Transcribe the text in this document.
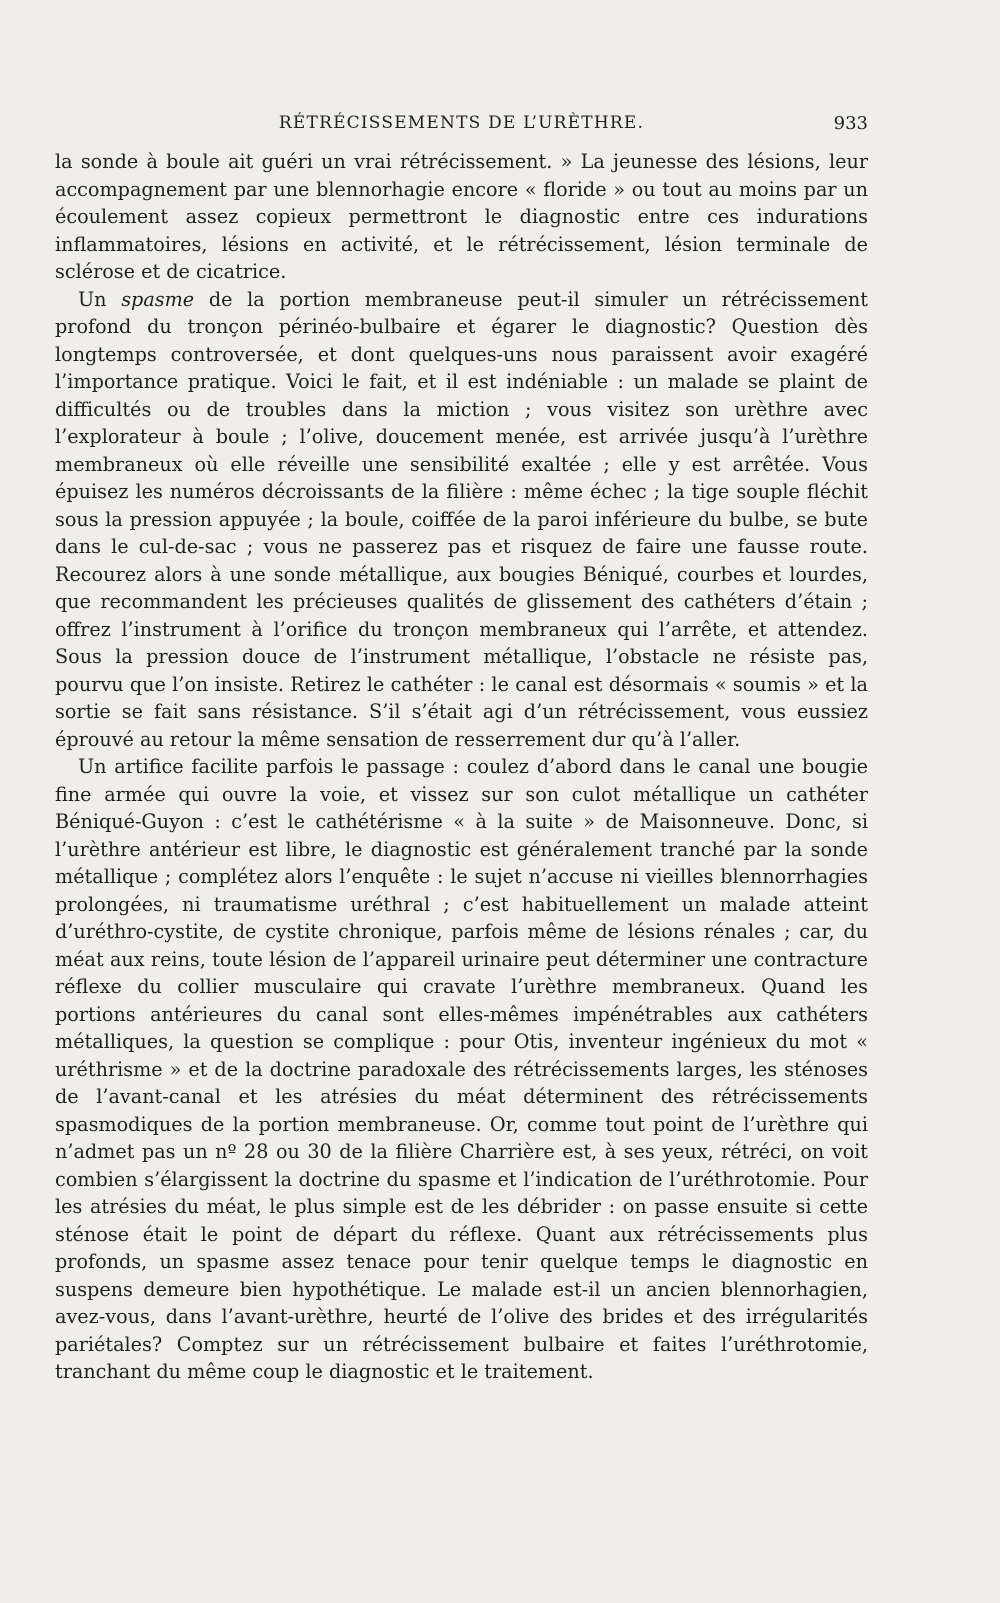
RÉTRÉCISSEMENTS DE L’URÈTHRE.	933

la sonde à boule ait guéri un vrai rétrécissement. » La jeunesse des lésions, leur accompagnement par une blennorhagie encore « floride » ou tout au moins par un écoulement assez copieux permettront le diagnostic entre ces indurations inflammatoires, lésions en activité, et le rétrécissement, lésion terminale de sclérose et de cicatrice.

Un spasme de la portion membraneuse peut-il simuler un rétrécissement profond du tronçon périnéo-bulbaire et égarer le diagnostic? Question dès longtemps controversée, et dont quelques-uns nous paraissent avoir exagéré l’importance pratique. Voici le fait, et il est indéniable : un malade se plaint de difficultés ou de troubles dans la miction ; vous visitez son urèthre avec l’explorateur à boule ; l’olive, doucement menée, est arrivée jusqu’à l’urèthre membraneux où elle réveille une sensibilité exaltée ; elle y est arrêtée. Vous épuisez les numéros décroissants de la filière : même échec ; la tige souple fléchit sous la pression appuyée ; la boule, coiffée de la paroi inférieure du bulbe, se bute dans le cul-de-sac ; vous ne passerez pas et risquez de faire une fausse route. Recourez alors à une sonde métallique, aux bougies Béniqué, courbes et lourdes, que recommandent les précieuses qualités de glissement des cathéters d’étain ; offrez l’instrument à l’orifice du tronçon membraneux qui l’arrête, et attendez. Sous la pression douce de l’instrument métallique, l’obstacle ne résiste pas, pourvu que l’on insiste. Retirez le cathéter : le canal est désormais « soumis » et la sortie se fait sans résistance. S’il s’était agi d’un rétrécissement, vous eussiez éprouvé au retour la même sensation de resserrement dur qu’à l’aller.

Un artifice facilite parfois le passage : coulez d’abord dans le canal une bougie fine armée qui ouvre la voie, et vissez sur son culot métallique un cathéter Béniqué-Guyon : c’est le cathétérisme « à la suite » de Maisonneuve. Donc, si l’urèthre antérieur est libre, le diagnostic est généralement tranché par la sonde métallique ; complétez alors l’enquête : le sujet n’accuse ni vieilles blennorrhagies prolongées, ni traumatisme uréthral ; c’est habituellement un malade atteint d’uréthro-cystite, de cystite chronique, parfois même de lésions rénales ; car, du méat aux reins, toute lésion de l’appareil urinaire peut déterminer une contracture réflexe du collier musculaire qui cravate l’urèthre membraneux. Quand les portions antérieures du canal sont elles-mêmes impénétrables aux cathéters métalliques, la question se complique : pour Otis, inventeur ingénieux du mot « uréthrisme » et de la doctrine paradoxale des rétrécissements larges, les sténoses de l’avant-canal et les atrésies du méat déterminent des rétrécissements spasmodiques de la portion membraneuse. Or, comme tout point de l’urèthre qui n’admet pas un nº 28 ou 30 de la filière Charrière est, à ses yeux, rétréci, on voit combien s’élargissent la doctrine du spasme et l’indication de l’uréthrotomie. Pour les atrésies du méat, le plus simple est de les débrider : on passe ensuite si cette sténose était le point de départ du réflexe. Quant aux rétrécissements plus profonds, un spasme assez tenace pour tenir quelque temps le diagnostic en suspens demeure bien hypothétique. Le malade est-il un ancien blennorhagien, avez-vous, dans l’avant-urèthre, heurté de l’olive des brides et des irrégularités pariétales? Comptez sur un rétrécissement bulbaire et faites l’uréthrotomie, tranchant du même coup le diagnostic et le traitement.
